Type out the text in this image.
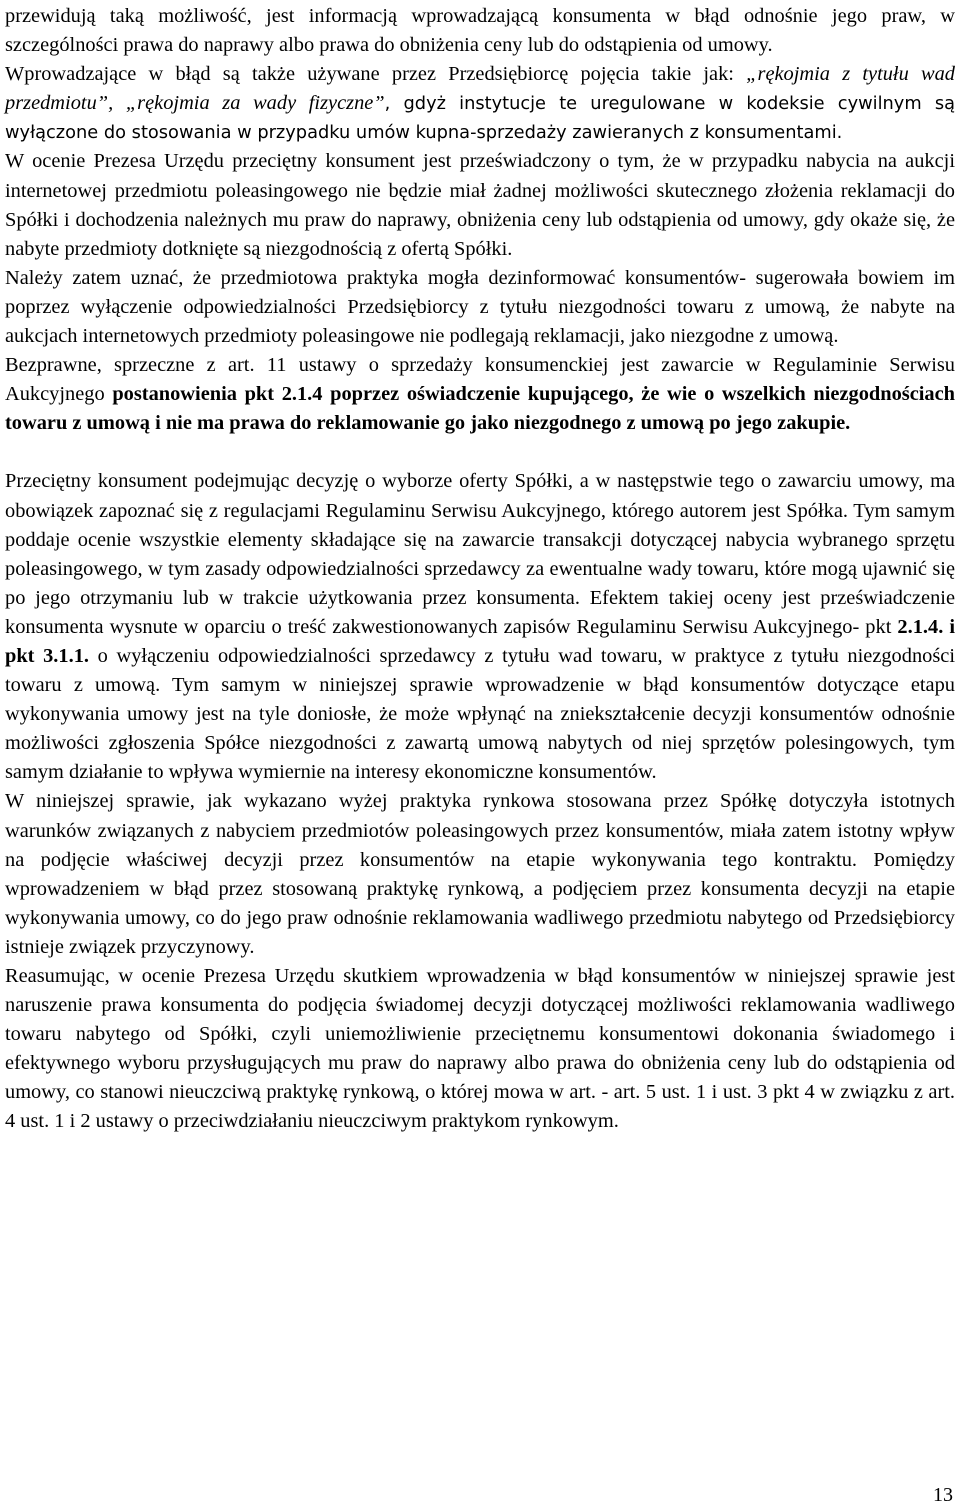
przewidują taką możliwość, jest informacją wprowadzającą konsumenta w błąd odnośnie jego praw, w szczególności prawa do naprawy albo prawa do obniżenia ceny lub do odstąpienia od umowy.

Wprowadzające w błąd są także używane przez Przedsiębiorcę pojęcia takie jak: „rękojmia z tytułu wad przedmiotu”, „rękojmia za wady fizyczne”, gdyż instytucje te uregulowane w kodeksie cywilnym są wyłączone do stosowania w przypadku umów kupna-sprzedaży zawieranych z konsumentami.

W ocenie Prezesa Urzędu przeciętny konsument jest przeświadczony o tym, że w przypadku nabycia na aukcji internetowej przedmiotu poleasingowego nie będzie miał żadnej możliwości skutecznego złożenia reklamacji do Spółki i dochodzenia należnych mu praw do naprawy, obniżenia ceny lub odstąpienia od umowy, gdy okaże się, że nabyte przedmioty dotknięte są niezgodnością z ofertą Spółki.

Należy zatem uznać, że przedmiotowa praktyka mogła dezinformować konsumentów- sugerowała bowiem im poprzez wyłączenie odpowiedzialności Przedsiębiorcy z tytułu niezgodności towaru z umową, że nabyte na aukcjach internetowych przedmioty poleasingowe nie podlegają reklamacji, jako niezgodne z umową.

Bezprawne, sprzeczne z art. 11 ustawy o sprzedaży konsumenckiej jest zawarcie w Regulaminie Serwisu Aukcyjnego postanowienia pkt 2.1.4 poprzez oświadczenie kupującego, że wie o wszelkich niezgodnościach towaru z umową i nie ma prawa do reklamowanie go jako niezgodnego z umową po jego zakupie.

Przeciętny konsument podejmując decyzję o wyborze oferty Spółki, a w następstwie tego o zawarciu umowy, ma obowiązek zapoznać się z regulacjami Regulaminu Serwisu Aukcyjnego, którego autorem jest Spółka. Tym samym poddaje ocenie wszystkie elementy składające się na zawarcie transakcji dotyczącej nabycia wybranego sprzętu poleasingowego, w tym zasady odpowiedzialności sprzedawcy za ewentualne wady towaru, które mogą ujawnić się po jego otrzymaniu lub w trakcie użytkowania przez konsumenta. Efektem takiej oceny jest przeświadczenie konsumenta wysnute w oparciu o treść zakwestionowanych zapisów Regulaminu Serwisu Aukcyjnego- pkt 2.1.4. i pkt 3.1.1. o wyłączeniu odpowiedzialności sprzedawcy z tytułu wad towaru, w praktyce z tytułu niezgodności towaru z umową. Tym samym w niniejszej sprawie wprowadzenie w błąd konsumentów dotyczące etapu wykonywania umowy jest na tyle doniosłe, że może wpłynąć na zniekształcenie decyzji konsumentów odnośnie możliwości zgłoszenia Spółce niezgodności z zawartą umową nabytych od niej sprzętów polesingowych, tym samym działanie to wpływa wymiernie na interesy ekonomiczne konsumentów.

W niniejszej sprawie, jak wykazano wyżej praktyka rynkowa stosowana przez Spółkę dotyczyła istotnych warunków związanych z nabyciem przedmiotów poleasingowych przez konsumentów, miała zatem istotny wpływ na podjęcie właściwej decyzji przez konsumentów na etapie wykonywania tego kontraktu. Pomiędzy wprowadzeniem w błąd przez stosowaną praktykę rynkową, a podjęciem przez konsumenta decyzji na etapie wykonywania umowy, co do jego praw odnośnie reklamowania wadliwego przedmiotu nabytego od Przedsiębiorcy istnieje związek przyczynowy.

Reasumując, w ocenie Prezesa Urzędu skutkiem wprowadzenia w błąd konsumentów w niniejszej sprawie jest naruszenie prawa konsumenta do podjęcia świadomej decyzji dotyczącej możliwości reklamowania wadliwego towaru nabytego od Spółki, czyli uniemożliwienie przeciętnemu konsumentowi dokonania świadomego i efektywnego wyboru przysługujących mu praw do naprawy albo prawa do obniżenia ceny lub do odstąpienia od umowy, co stanowi nieuczciwą praktykę rynkową, o której mowa w art. - art. 5 ust. 1 i ust. 3 pkt 4 w związku z art. 4 ust. 1 i 2 ustawy o przeciwdziałaniu nieuczciwym praktykom rynkowym.

13
